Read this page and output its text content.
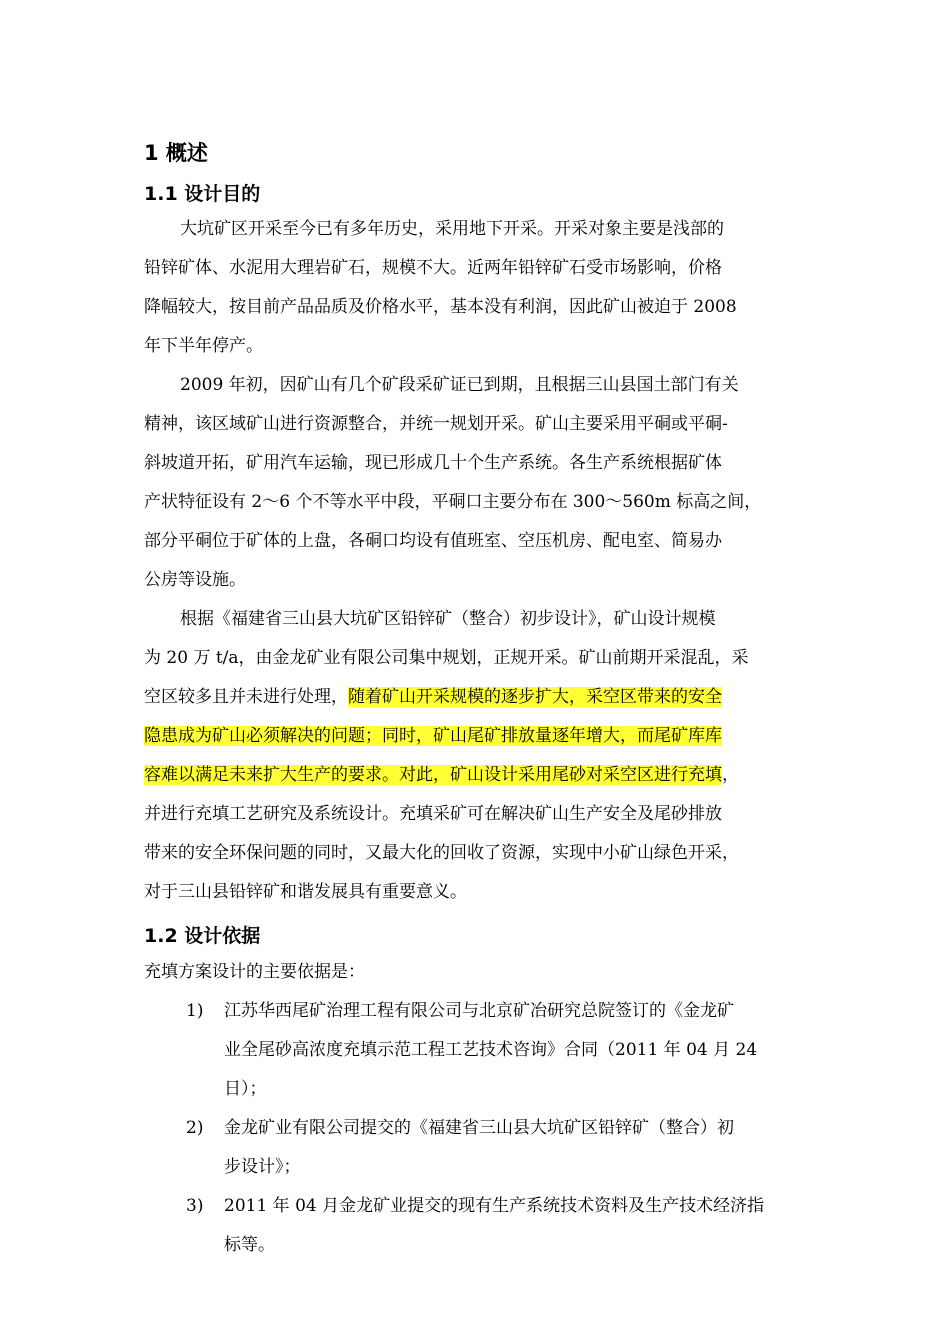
1 概述
1.1 设计目的
大坑矿区开采至今已有多年历史，采用地下开采。开采对象主要是浅部的
铅锌矿体、水泥用大理岩矿石，规模不大。近两年铅锌矿石受市场影响，价格
降幅较大，按目前产品品质及价格水平，基本没有利润，因此矿山被迫于 2008
年下半年停产。
2009 年初，因矿山有几个矿段采矿证已到期，且根据三山县国土部门有关
精神，该区域矿山进行资源整合，并统一规划开采。矿山主要采用平硐或平硐-
斜坡道开拓，矿用汽车运输，现已形成几十个生产系统。各生产系统根据矿体
产状特征设有 2～6 个不等水平中段，平硐口主要分布在 300～560m 标高之间，
部分平硐位于矿体的上盘，各硐口均设有值班室、空压机房、配电室、简易办
公房等设施。
根据《福建省三山县大坑矿区铅锌矿（整合）初步设计》，矿山设计规模
为 20 万 t/a，由金龙矿业有限公司集中规划，正规开采。矿山前期开采混乱，采
空区较多且并未进行处理，随着矿山开采规模的逐步扩大，采空区带来的安全
隐患成为矿山必须解决的问题；同时，矿山尾矿排放量逐年增大，而尾矿库库
容难以满足未来扩大生产的要求。对此，矿山设计采用尾砂对采空区进行充填，
并进行充填工艺研究及系统设计。充填采矿可在解决矿山生产安全及尾砂排放
带来的安全环保问题的同时，又最大化的回收了资源，实现中小矿山绿色开采，
对于三山县铅锌矿和谐发展具有重要意义。
1.2 设计依据
充填方案设计的主要依据是：
1) 江苏华西尾矿治理工程有限公司与北京矿冶研究总院签订的《金龙矿
业全尾砂高浓度充填示范工程工艺技术咨询》合同（2011 年 04 月 24
日）；
2) 金龙矿业有限公司提交的《福建省三山县大坑矿区铅锌矿（整合）初
步设计》；
3) 2011 年 04 月金龙矿业提交的现有生产系统技术资料及生产技术经济指
标等。
